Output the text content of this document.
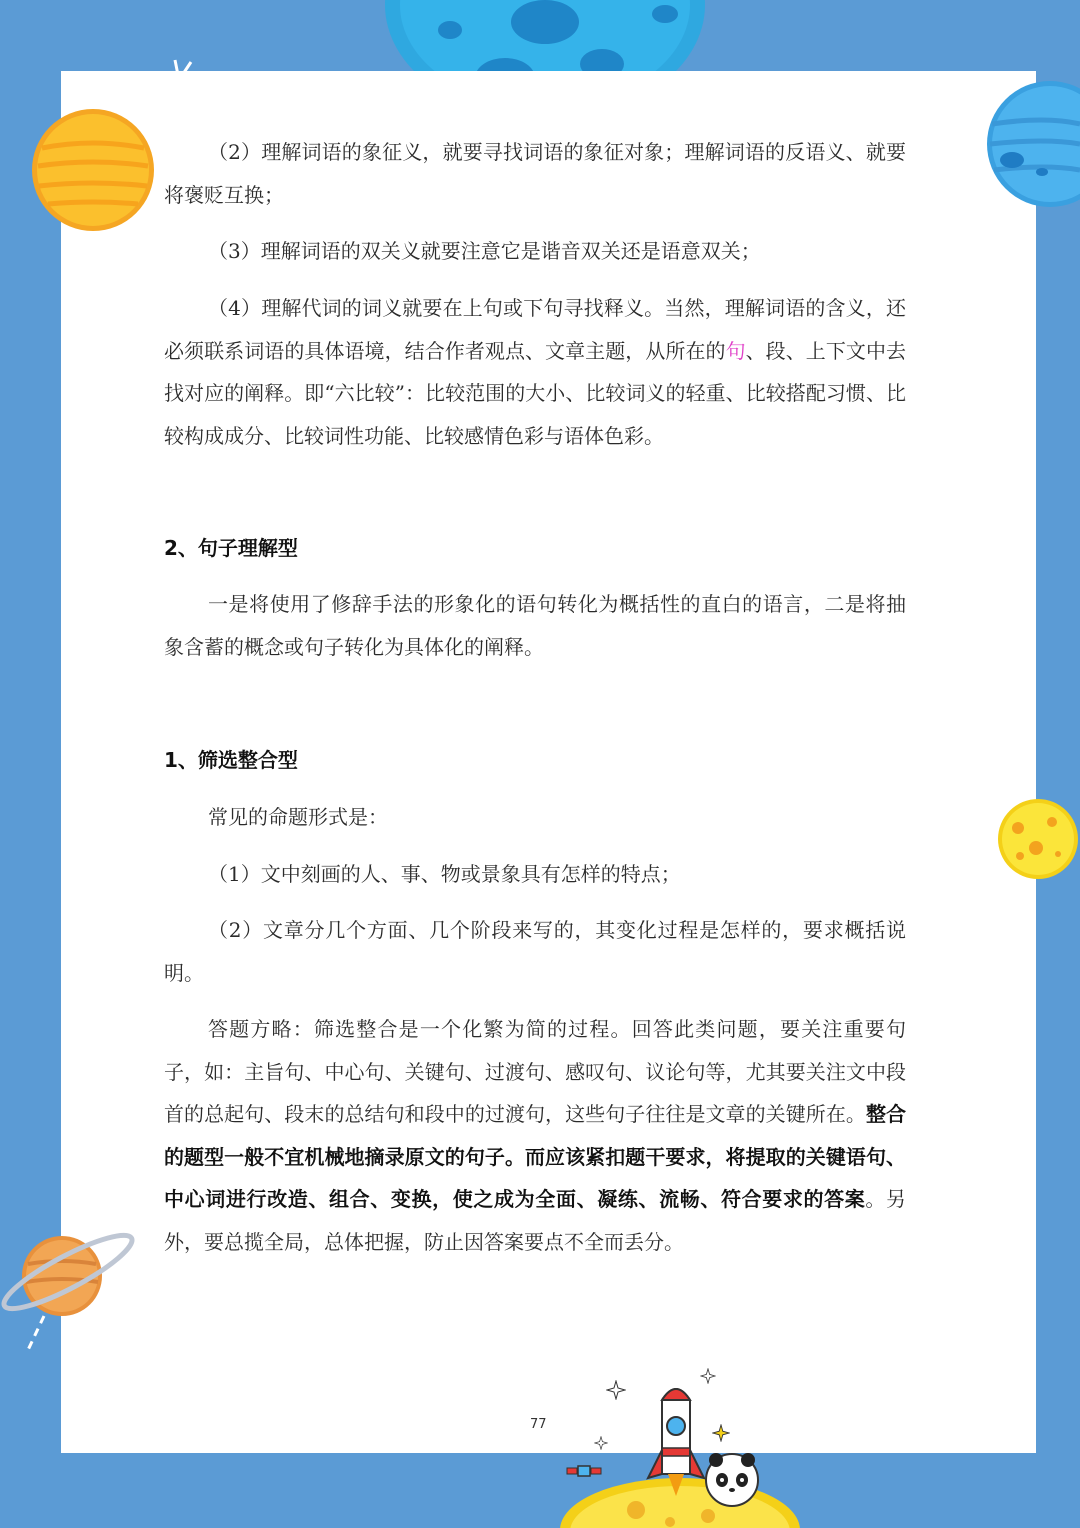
（2）理解词语的象征义，就要寻找词语的象征对象；理解词语的反语义、就要将褒贬互换；

（3）理解词语的双关义就要注意它是谐音双关还是语意双关；

（4）理解代词的词义就要在上句或下句寻找释义。当然，理解词语的含义，还必须联系词语的具体语境，结合作者观点、文章主题，从所在的句、段、上下文中去找对应的阐释。即“六比较”：比较范围的大小、比较词义的轻重、比较搭配习惯、比较构成成分、比较词性功能、比较感情色彩与语体色彩。

2、句子理解型

一是将使用了修辞手法的形象化的语句转化为概括性的直白的语言，二是将抽象含蓄的概念或句子转化为具体化的阐释。

1、筛选整合型

常见的命题形式是：

（1）文中刻画的人、事、物或景象具有怎样的特点；

（2）文章分几个方面、几个阶段来写的，其变化过程是怎样的，要求概括说明。

答题方略：筛选整合是一个化繁为简的过程。回答此类问题，要关注重要句子，如：主旨句、中心句、关键句、过渡句、感叹句、议论句等，尤其要关注文中段首的总起句、段末的总结句和段中的过渡句，这些句子往往是文章的关键所在。整合的题型一般不宜机械地摘录原文的句子。而应该紧扣题干要求，将提取的关键语句、中心词进行改造、组合、变换，使之成为全面、凝练、流畅、符合要求的答案。另外，要总揽全局，总体把握，防止因答案要点不全而丢分。

77
